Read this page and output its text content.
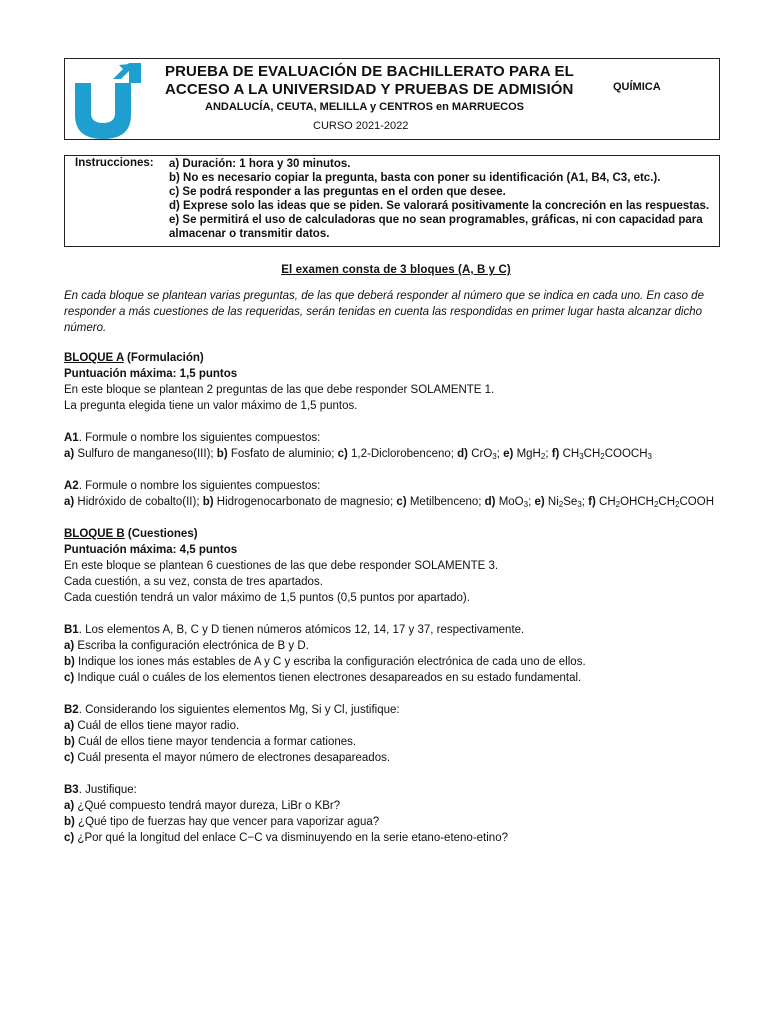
PRUEBA DE EVALUACIÓN DE BACHILLERATO PARA EL
ACCESO A LA UNIVERSIDAD Y PRUEBAS DE ADMISIÓN
ANDALUCÍA, CEUTA, MELILLA y CENTROS en MARRUECOS
CURSO 2021-2022
QUÍMICA
Instrucciones: a) Duración: 1 hora y 30 minutos.
b) No es necesario copiar la pregunta, basta con poner su identificación (A1, B4, C3, etc.).
c) Se podrá responder a las preguntas en el orden que desee.
d) Exprese solo las ideas que se piden. Se valorará positivamente la concreción en las respuestas.
e) Se permitirá el uso de calculadoras que no sean programables, gráficas, ni con capacidad para almacenar o transmitir datos.
El examen consta de 3 bloques (A, B y C)
En cada bloque se plantean varias preguntas, de las que deberá responder al número que se indica en cada uno. En caso de responder a más cuestiones de las requeridas, serán tenidas en cuenta las respondidas en primer lugar hasta alcanzar dicho número.

BLOQUE A (Formulación)

Puntuación máxima: 1,5 puntos

En este bloque se plantean 2 preguntas de las que debe responder SOLAMENTE 1.

La pregunta elegida tiene un valor máximo de 1,5 puntos.

A1. Formule o nombre los siguientes compuestos:

a) Sulfuro de manganeso(III); b) Fosfato de aluminio; c) 1,2-Diclorobenceno; d) CrO$_3$; e) MgH$_2$; f) $CH_3CH_2COOCH_3$

A2. Formule o nombre los siguientes compuestos:

a) Hidróxido de cobalto(II); b) Hidrogenocarbonato de magnesio; c) Metilbenceno; d) MoO$_3$; e) $Ni_2Se_3$; f) $CH_2OHCH_2CH_2COOH$

BLOQUE B (Cuestiones)

Puntuación máxima: 4,5 puntos

En este bloque se plantean 6 cuestiones de las que debe responder SOLAMENTE 3.

Cada cuestión, a su vez, consta de tres apartados.

Cada cuestión tendrá un valor máximo de 1,5 puntos (0,5 puntos por apartado).

B1. Los elementos A, B, C y D tienen números atómicos 12, 14, 17 y 37, respectivamente.

a) Escriba la configuración electrónica de B y D.

b) Indique los iones más estables de A y C y escriba la configuración electrónica de cada uno de ellos.

c) Indique cuál o cuáles de los elementos tienen electrones desapareados en su estado fundamental.

B2. Considerando los siguientes elementos Mg, Si y Cl, justifique:

a) Cuál de ellos tiene mayor radio.

b) Cuál de ellos tiene mayor tendencia a formar cationes.

c) Cuál presenta el mayor número de electrones desapareados.

B3. Justifique:

a) ¿Qué compuesto tendrá mayor dureza, LiBr o KBr?

b) ¿Qué tipo de fuerzas hay que vencer para vaporizar agua?

c) ¿Por qué la longitud del enlace C−C va disminuyendo en la serie etano-eteno-etino?
